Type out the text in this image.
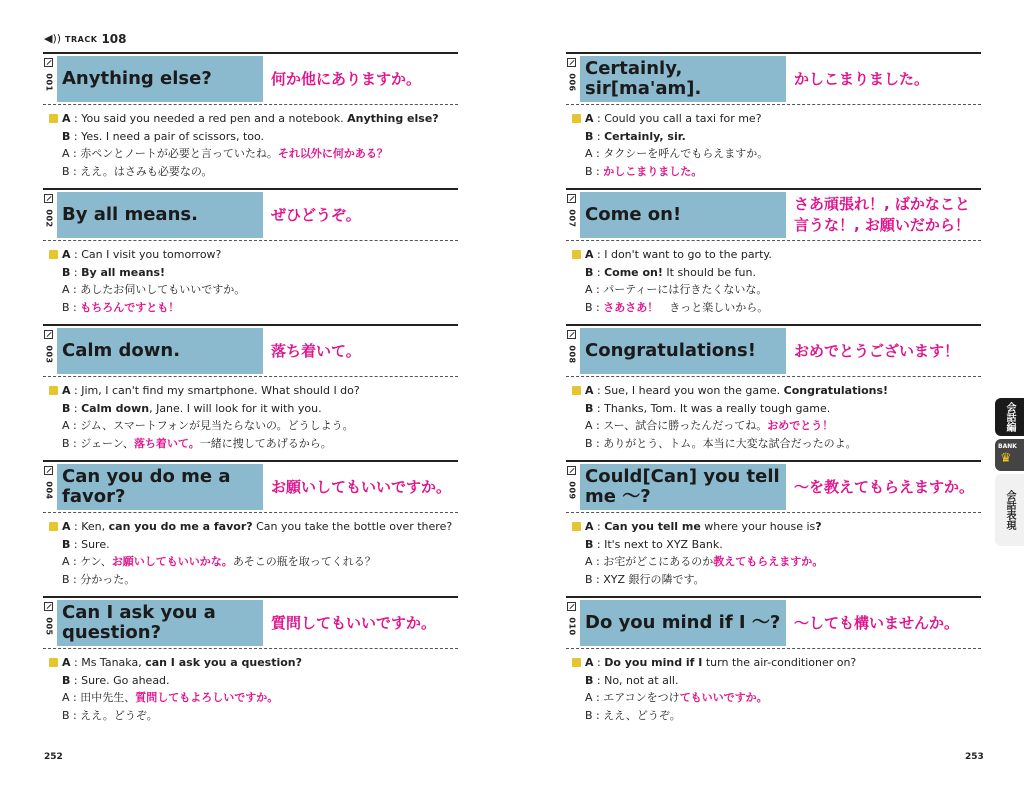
◀)) TRACK 108
001 Anything else?	何か他にありますか。
A : You said you needed a red pen and a notebook. Anything else?
B : Yes. I need a pair of scissors, too.
A : 赤ペンとノートが必要と言っていたね。それ以外に何かある？
B : ええ。はさみも必要なの。
002 By all means.	ぜひどうぞ。
A : Can I visit you tomorrow?
B : By all means!
A : あしたお伺いしてもいいですか。
B : もちろんですとも！
003 Calm down.	落ち着いて。
A : Jim, I can't find my smartphone. What should I do?
B : Calm down, Jane. I will look for it with you.
A : ジム、スマートフォンが見当たらないの。どうしよう。
B : ジェーン、落ち着いて。一緒に捜してあげるから。
004
Can you do me a favor?	お願いしてもいいですか。
A : Ken, can you do me a favor? Can you take the bottle over there?
B : Sure.
A : ケン、お願いしてもいいかな。あそこの瓶を取ってくれる？
B : 分かった。
005
Can I ask you a question?	質問してもいいですか。
A : Ms Tanaka, can I ask you a question?
B : Sure. Go ahead.
A : 田中先生、質問してもよろしいですか。
B : ええ。どうぞ。
252	253
006
Certainly, sir[ma'am].	かしこまりました。
A : Could you call a taxi for me?
B : Certainly, sir.
A : タクシーを呼んでもらえますか。
B : かしこまりました。
007 Come on!	さあ頑張れ！, ばかなこと言うな！, お願いだから！
A : I don't want to go to the party.
B : Come on! It should be fun.
A : パーティーには行きたくないな。
B : さあさあ！　きっと楽しいから。
008 Congratulations!	おめでとうございます！
A : Sue, I heard you won the game. Congratulations!
B : Thanks, Tom. It was a really tough game.
A : スー、試合に勝ったんだってね。おめでとう！
B : ありがとう、トム。本当に大変な試合だったのよ。
009
Could[Can] you tell me ～?	～を教えてもらえますか。
A : Can you tell me where your house is?
B : It's next to XYZ Bank.
A : お宅がどこにあるのか教えてもらえますか。
B : XYZ 銀行の隣です。
010 Do you mind if I ～? ～しても構いませんか。
A : Do you mind if I turn the air-conditioner on?
B : No, not at all.
A : エアコンをつけてもいいですか。
B : ええ、どうぞ。
会話編
BANK
♛
会話表現
